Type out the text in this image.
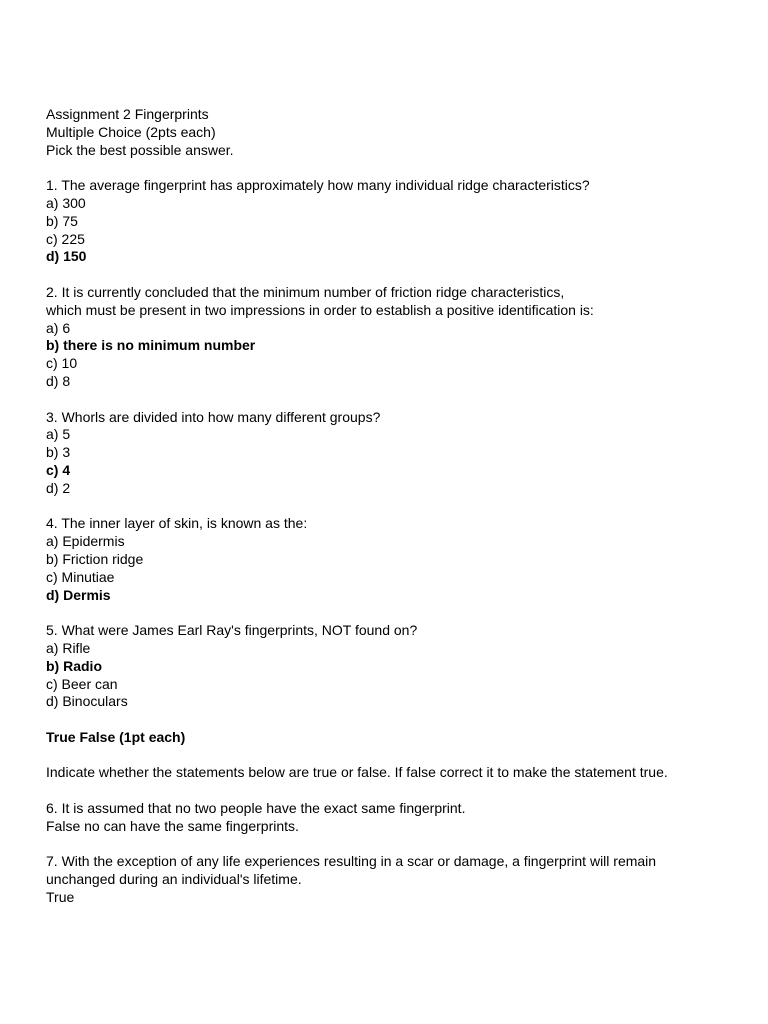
Assignment 2 Fingerprints
Multiple Choice (2pts each)
Pick the best possible answer.
1. The average fingerprint has approximately how many individual ridge characteristics?
a) 300
b) 75
c) 225
d) 150
2. It is currently concluded that the minimum number of friction ridge characteristics,
which must be present in two impressions in order to establish a positive identification is:
a) 6
b) there is no minimum number
c) 10
d) 8
3. Whorls are divided into how many different groups?
a) 5
b) 3
c) 4
d) 2
4. The inner layer of skin, is known as the:
a) Epidermis
b) Friction ridge
c) Minutiae
d) Dermis
5. What were James Earl Ray's fingerprints, NOT found on?
a) Rifle
b) Radio
c) Beer can
d) Binoculars
True False (1pt each)
Indicate whether the statements below are true or false. If false correct it to make the statement true.
6. It is assumed that no two people have the exact same fingerprint.
False no can have the same fingerprints.
7. With the exception of any life experiences resulting in a scar or damage, a fingerprint will remain
unchanged during an individual's lifetime.
True
